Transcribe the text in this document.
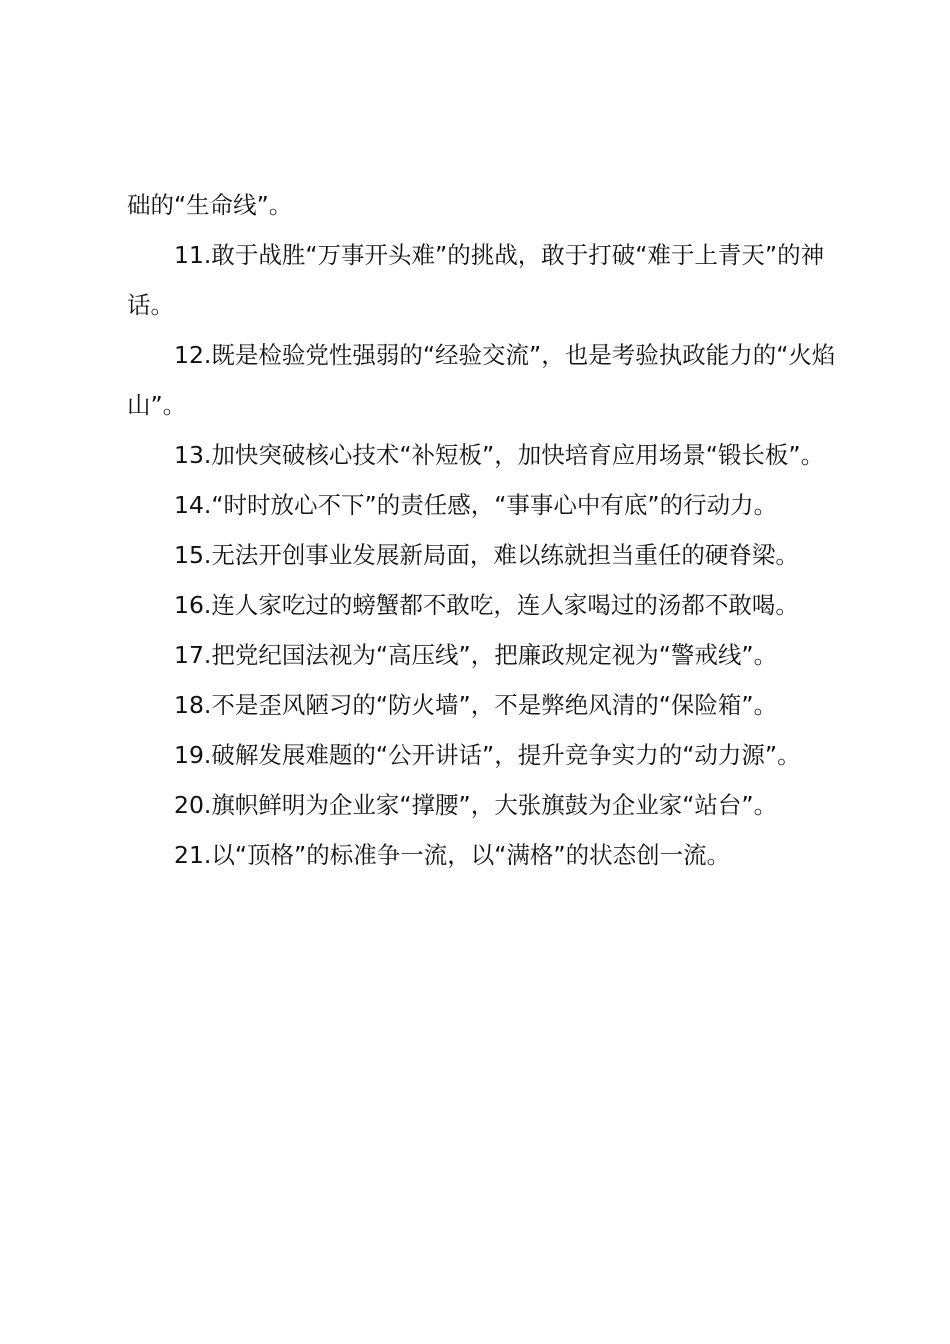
础的“生命线”。

11.敢于战胜“万事开头难”的挑战，敢于打破“难于上青天”的神话。

12.既是检验党性强弱的“经验交流”，也是考验执政能力的“火焰山”。

13.加快突破核心技术“补短板”，加快培育应用场景“锻长板”。

14.“时时放心不下”的责任感，“事事心中有底”的行动力。

15.无法开创事业发展新局面，难以练就担当重任的硬脊梁。

16.连人家吃过的螃蟹都不敢吃，连人家喝过的汤都不敢喝。

17.把党纪国法视为“高压线”，把廉政规定视为“警戒线”。

18.不是歪风陋习的“防火墙”，不是弊绝风清的“保险箱”。

19.破解发展难题的“公开讲话”，提升竞争实力的“动力源”。

20.旗帜鲜明为企业家“撑腰”，大张旗鼓为企业家“站台”。

21.以“顶格”的标准争一流，以“满格”的状态创一流。
